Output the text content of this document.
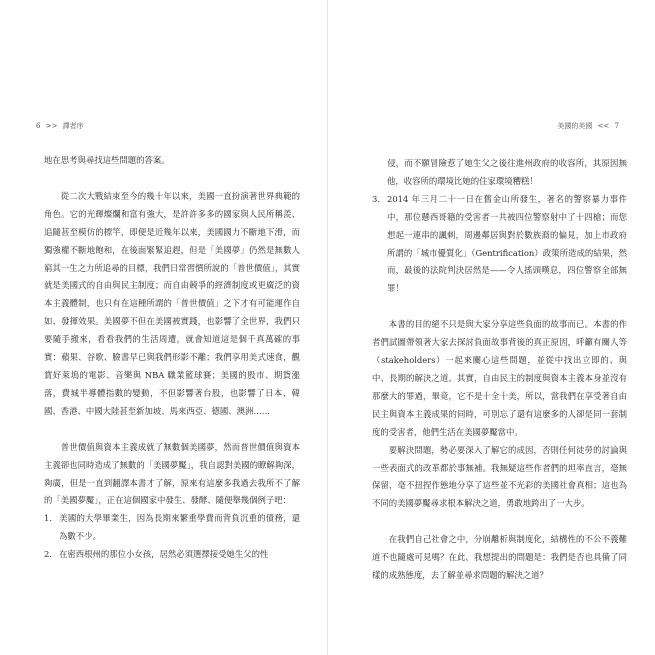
6 >> 譯者序

地在思考與尋找這些問題的答案。

從二次大戰結束至今的幾十年以來，美國一直扮演著世界典範的角色。它的光輝燦爛和富有強大，是許許多多的國家與人民所稱羨、追隨甚至模仿的標竿，即便是近幾年以來，美國國力不斷地下滑，而獨強權不斷地飽和，在後面緊緊追趕，但是「美國夢」仍然是無數人窮其一生之力所追尋的目標，我們日常習慣所說的「普世價值」，其實就是美國式的自由與民主制度；而自由競爭的經濟制度或更廣泛的資本主義體制，也只有在這種所謂的「普世價值」之下才有可能運作自如、發揮效果。美國夢不但在美國被實踐，也影響了全世界，我們只要隨手搬來，看看我們的生活周遭，就會知道這是個千真萬確的事實：蘋果、谷歌、臉書早已與我們形影不離；我們享用美式速食，觀賞好萊塢的電影、音樂與 NBA 職業籃球賽；美國的股市、期貨漲落，費城半導體指數的變動，不但影響著台股，也影響了日本、韓國、香港、中國大陸甚至新加坡、馬來西亞、德國、澳洲……

普世價值與資本主義成就了無數個美國夢，然而普世價值與資本主義卻也同時造成了無數的「美國夢魘」，我自認對美國的瞭解夠深，夠廣，但是一直到翻譯本書才了解，原來有這麼多我過去我所不了解的「美國夢魘」，正在這個國家中發生、發酵、隨便舉幾個例子吧：

1. 美國的大學畢業生，因為長期來繁重學費而背負沉重的債務，還為數不少。

2. 在密西根州的那位小女孩，居然必須選擇接受她生父的性

美國的美國 << 7

侵，而不願冒險惹了她生父之後往進州政府的收容所，其原因無他，收容所的環境比她的住家環境糟糕！

3. 2014 年三月二十一日在舊金山所發生，著名的警察暴力事件中，那位懸西哥籍的受害者一共被四位警察射中了十四槍；而您想起一連串的諷刺，周邊鄰居與對於數族裔的偏見，加上市政府所謂的「城市優質化」（Gentrification）政策所造成的結果，然而，最後的法院判決居然是——令人搖頭嘆息，四位警察全部無罪！

本書的目的絕不只是與大家分享這些負面的故事而已。本書的作者們試圖帶領著大家去探討負面故事背後的真正原因，呼籲有關人等（stakeholders）一起來關心這些問題，並從中找出立即的、與中、長期的解決之道。其實，自由民主的制度與資本主義本身並沒有那麼大的罪過，畢竟，它不是十全十美，所以，當我們在享受著自由民主與資本主義成果的同時，可別忘了還有這麼多的人卻是同一套制度的受害者，他們生活在美國夢魘當中。

要解決問題，勢必要深入了解它的成因，否則任何徒勞的討論與一些表面式的改革都於事無補。我無疑這些作者們的坦率直言，毫無保留，毫不扭捏作態地分享了這些並不光彩的美國社會真相；這也為不同的美國夢魘尋求根本解決之道，勇敢地跨出了一大步。

在我們自己社會之中，分崩離析與制度化，結構性的不公不義難道不也隨處可見嗎？在此，我想提出的問題是：我們是否也具備了同樣的成熟態度，去了解並尋求問題的解決之道？
